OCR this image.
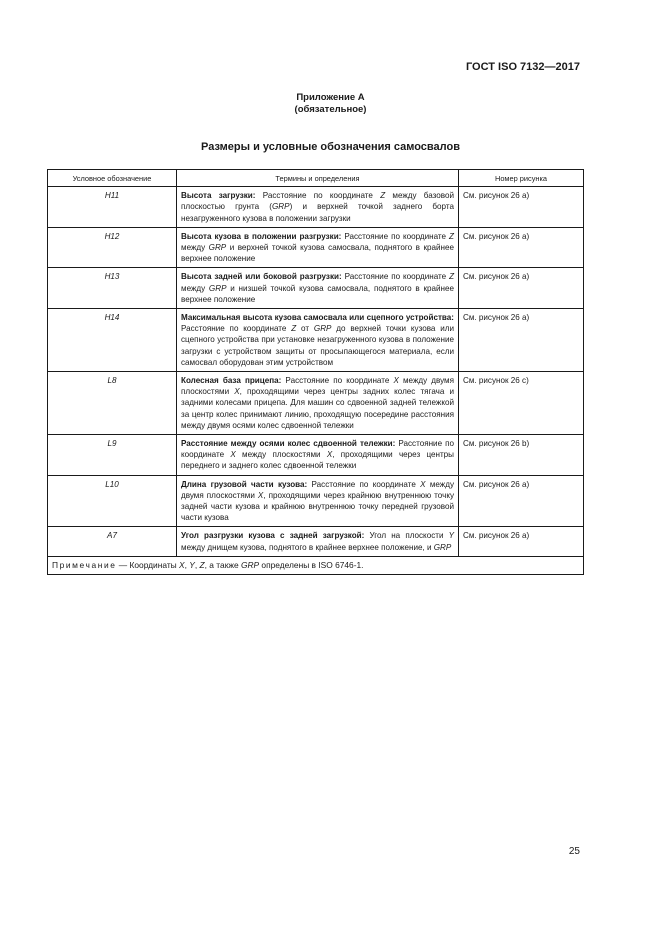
ГОСТ ISO 7132—2017
Приложение А
(обязательное)
Размеры и условные обозначения самосвалов
Условное обозначение	Термины и определения	Номер рисунка
H11	Высота загрузки: Расстояние по координате Z между базовой плоскостью грунта (GRP) и верхней точкой заднего борта незагруженного кузова в положении загрузки	См. рисунок 26 а)
H12	Высота кузова в положении разгрузки: Расстояние по координате Z между GRP и верхней точкой кузова самосвала, поднятого в крайнее верхнее положение	См. рисунок 26 а)
H13	Высота задней или боковой разгрузки: Расстояние по координате Z между GRP и низшей точкой кузова самосвала, поднятого в крайнее верхнее положение	См. рисунок 26 а)
H14	Максимальная высота кузова самосвала или сцепного устройства: Расстояние по координате Z от GRP до верхней точки кузова или сцепного устройства при установке незагруженного кузова в положение загрузки с устройством защиты от просыпающегося материала, если самосвал оборудован этим устройством	См. рисунок 26 а)
L8	Колесная база прицепа: Расстояние по координате X между двумя плоскостями X, проходящими через центры задних колес тягача и задними колесами прицепа. Для машин со сдвоенной задней тележкой за центр колес принимают линию, проходящую посередине расстояния между двумя осями колес сдвоенной тележки	См. рисунок 26 с)
L9	Расстояние между осями колес сдвоенной тележки: Расстояние по координате X между плоскостями X, проходящими через центры переднего и заднего колес сдвоенной тележки	См. рисунок 26 b)
L10	Длина грузовой части кузова: Расстояние по координате X между двумя плоскостями X, проходящими через крайнюю внутреннюю точку задней части кузова и крайнюю внутреннюю точку передней грузовой части кузова	См. рисунок 26 а)
A7	Угол разгрузки кузова с задней загрузкой: Угол на плоскости Y между днищем кузова, поднятого в крайнее верхнее положение, и GRP	См. рисунок 26 а)
Примечание — Координаты X, Y, Z, а также GRP определены в ISO 6746-1.		
25
